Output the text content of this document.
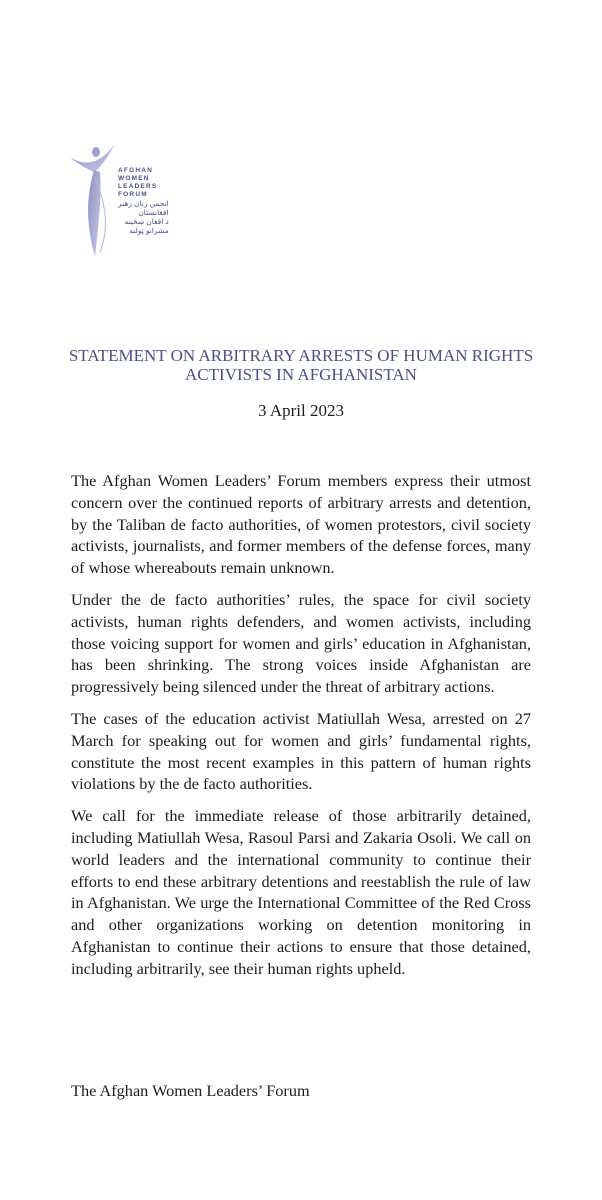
AFGHAN
WOMEN
LEADERS
FORUM
انجمن زنان رهبر
افغانستان
د افغان ښځينه
مشرانو ټولنه
STATEMENT ON ARBITRARY ARRESTS OF HUMAN RIGHTS ACTIVISTS IN AFGHANISTAN
3 April 2023

The Afghan Women Leaders’ Forum members express their utmost concern over the continued reports of arbitrary arrests and detention, by the Taliban de facto authorities, of women protestors, civil society activists, journalists, and former members of the defense forces, many of whose whereabouts remain unknown.

Under the de facto authorities’ rules, the space for civil society activists, human rights defenders, and women activists, including those voicing support for women and girls’ education in Afghanistan, has been shrinking. The strong voices inside Afghanistan are progressively being silenced under the threat of arbitrary actions.

The cases of the education activist Matiullah Wesa, arrested on 27 March for speaking out for women and girls’ fundamental rights, constitute the most recent examples in this pattern of human rights violations by the de facto authorities.

We call for the immediate release of those arbitrarily detained, including Matiullah Wesa, Rasoul Parsi and Zakaria Osoli. We call on world leaders and the international community to continue their efforts to end these arbitrary detentions and reestablish the rule of law in Afghanistan. We urge the International Committee of the Red Cross and other organizations working on detention monitoring in Afghanistan to continue their actions to ensure that those detained, including arbitrarily, see their human rights upheld.

The Afghan Women Leaders’ Forum
